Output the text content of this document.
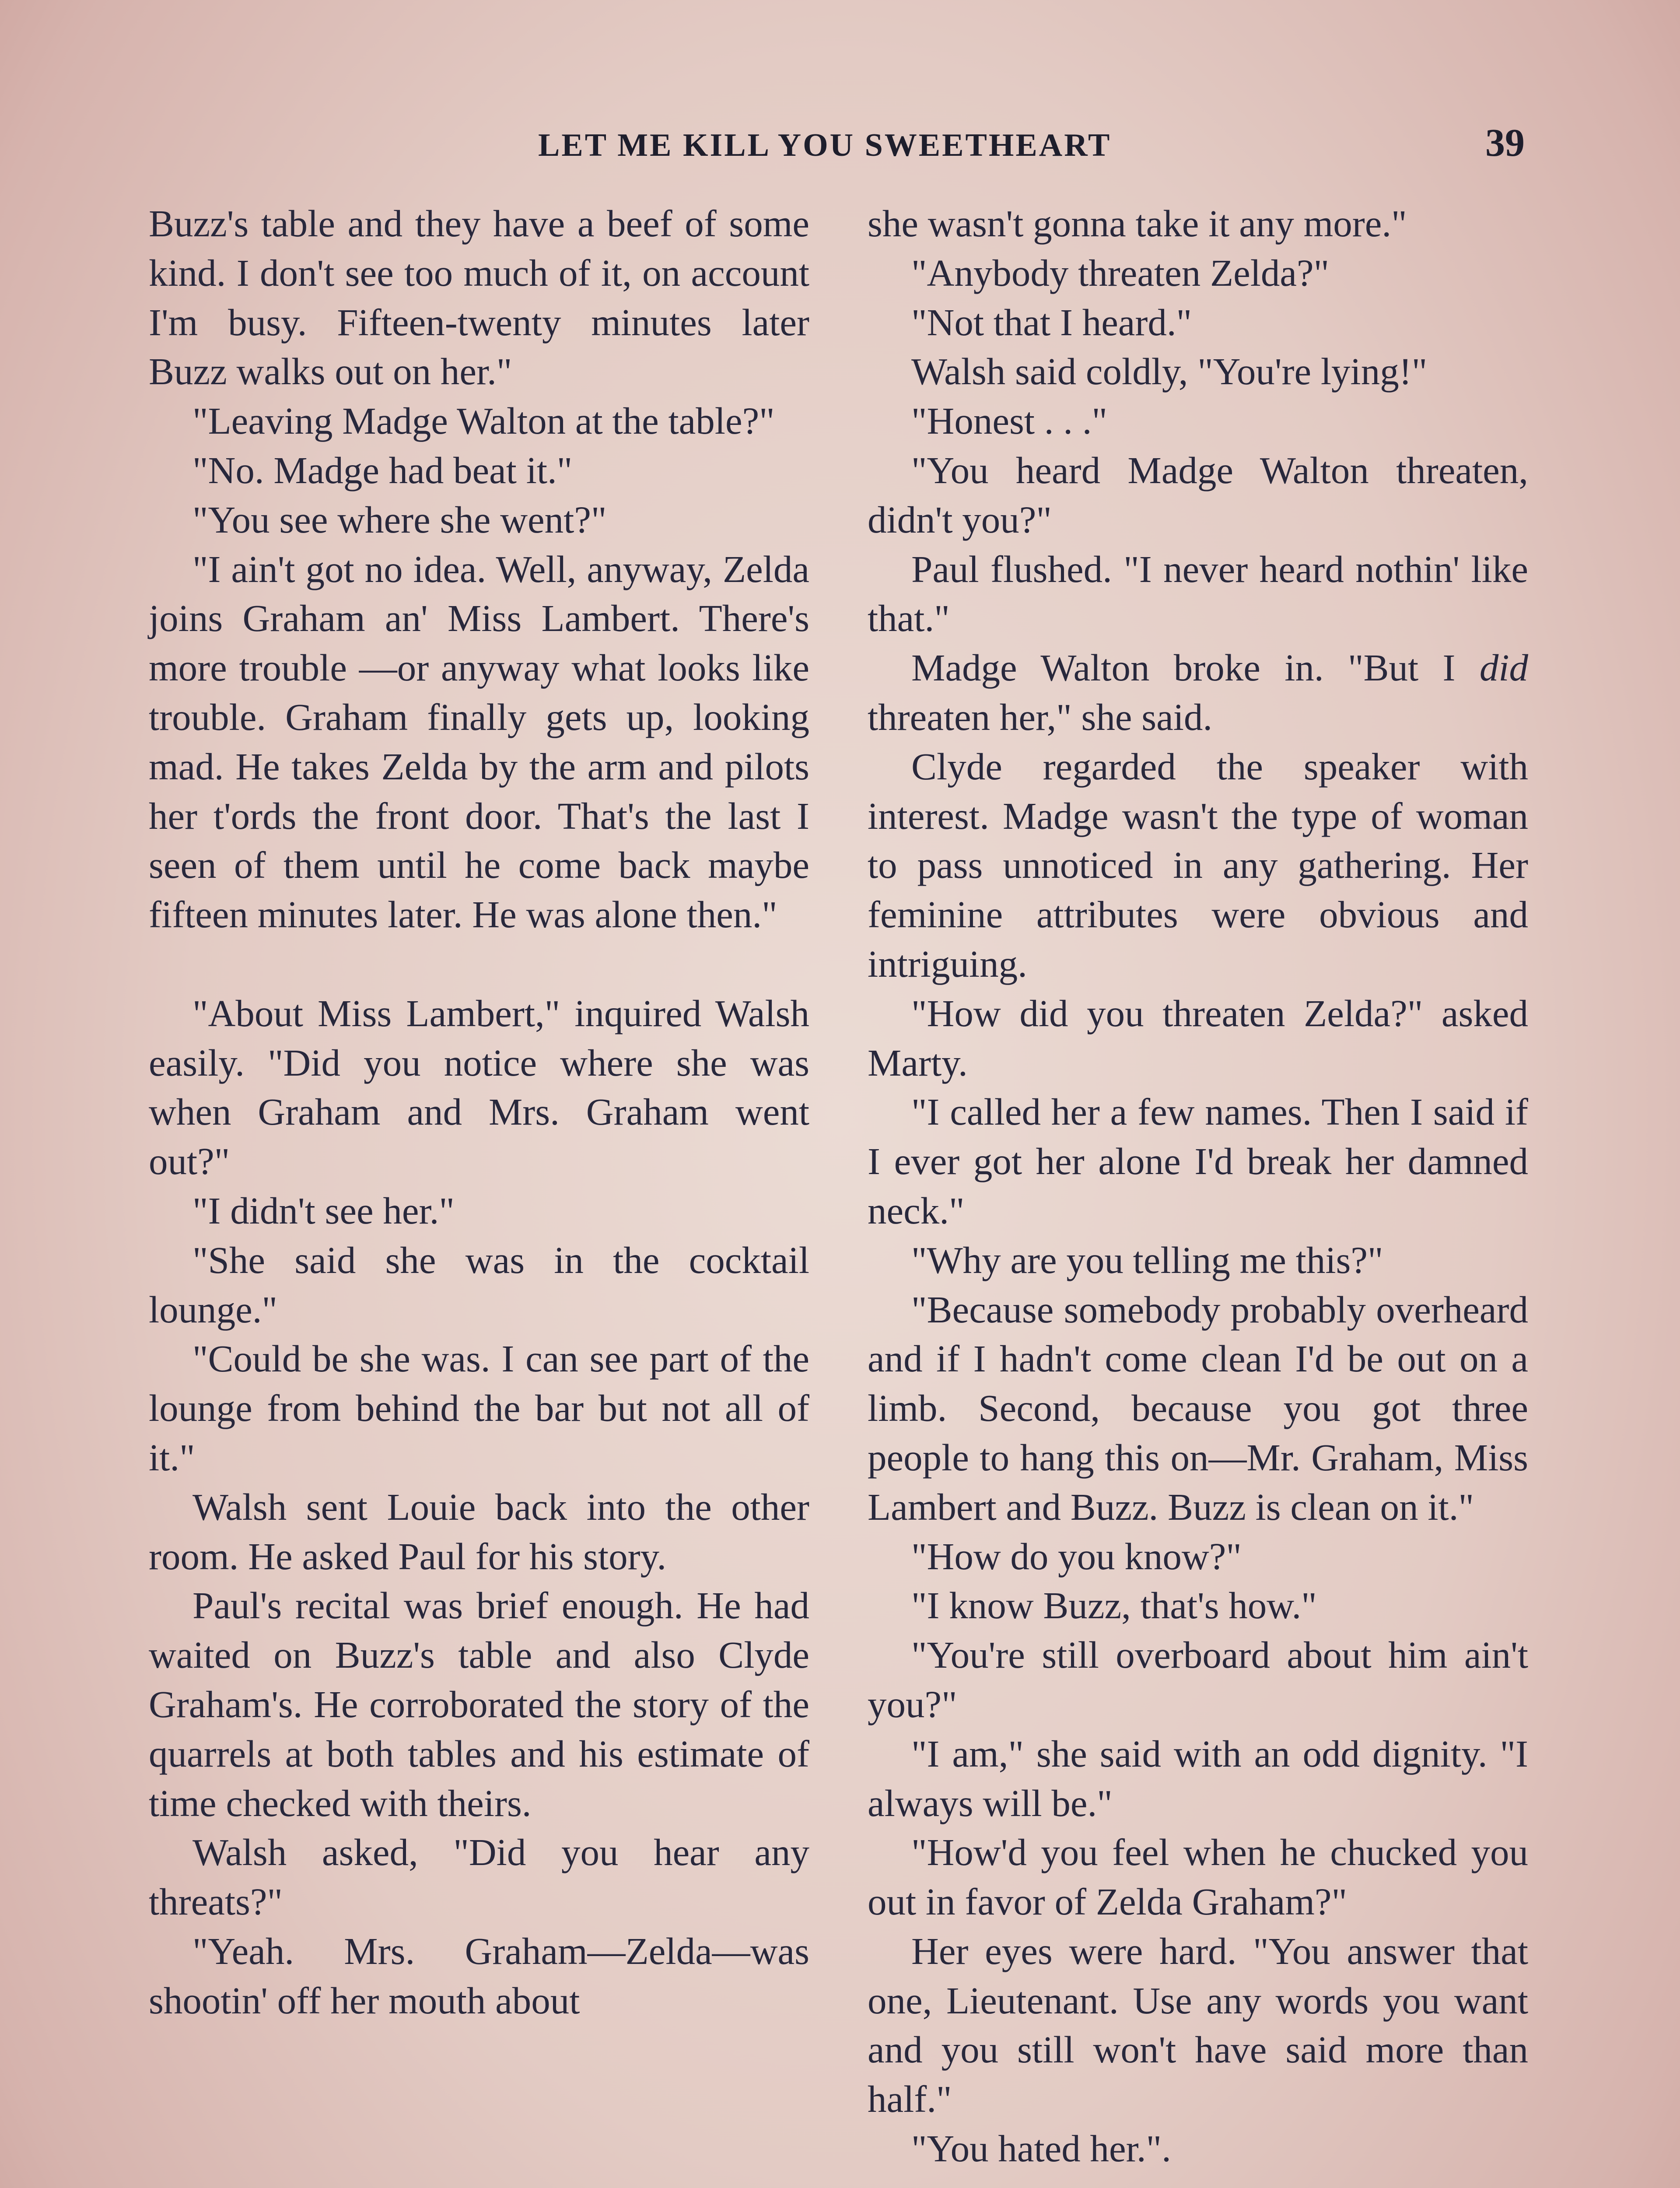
LET ME KILL YOU SWEETHEART	39

Buzz's table and they have a beef of some kind. I don't see too much of it, on account I'm busy. Fifteen-twenty minutes later Buzz walks out on her."

"Leaving Madge Walton at the table?"

"No. Madge had beat it."

"You see where she went?"

"I ain't got no idea. Well, anyway, Zelda joins Graham an' Miss Lambert. There's more trouble —or anyway what looks like trouble. Graham finally gets up, looking mad. He takes Zelda by the arm and pilots her t'ords the front door. That's the last I seen of them until he come back maybe fifteen minutes later. He was alone then."

"About Miss Lambert," inquired Walsh easily. "Did you notice where she was when Graham and Mrs. Graham went out?"

"I didn't see her."

"She said she was in the cocktail lounge."

"Could be she was. I can see part of the lounge from behind the bar but not all of it."

Walsh sent Louie back into the other room. He asked Paul for his story.

Paul's recital was brief enough. He had waited on Buzz's table and also Clyde Graham's. He corroborated the story of the quarrels at both tables and his estimate of time checked with theirs.

Walsh asked, "Did you hear any threats?"

"Yeah. Mrs. Graham—Zelda—was shootin' off her mouth about

she wasn't gonna take it any more."

"Anybody threaten Zelda?"

"Not that I heard."

Walsh said coldly, "You're lying!"

"Honest . . ."

"You heard Madge Walton threaten, didn't you?"

Paul flushed. "I never heard nothin' like that."

Madge Walton broke in. "But I did threaten her," she said.

Clyde regarded the speaker with interest. Madge wasn't the type of woman to pass unnoticed in any gathering. Her feminine attributes were obvious and intriguing.

"How did you threaten Zelda?" asked Marty.

"I called her a few names. Then I said if I ever got her alone I'd break her damned neck."

"Why are you telling me this?"

"Because somebody probably overheard and if I hadn't come clean I'd be out on a limb. Second, because you got three people to hang this on—Mr. Graham, Miss Lambert and Buzz. Buzz is clean on it."

"How do you know?"

"I know Buzz, that's how."

"You're still overboard about him ain't you?"

"I am," she said with an odd dignity. "I always will be."

"How'd you feel when he chucked you out in favor of Zelda Graham?"

Her eyes were hard. "You answer that one, Lieutenant. Use any words you want and you still won't have said more than half."

"You hated her.".
